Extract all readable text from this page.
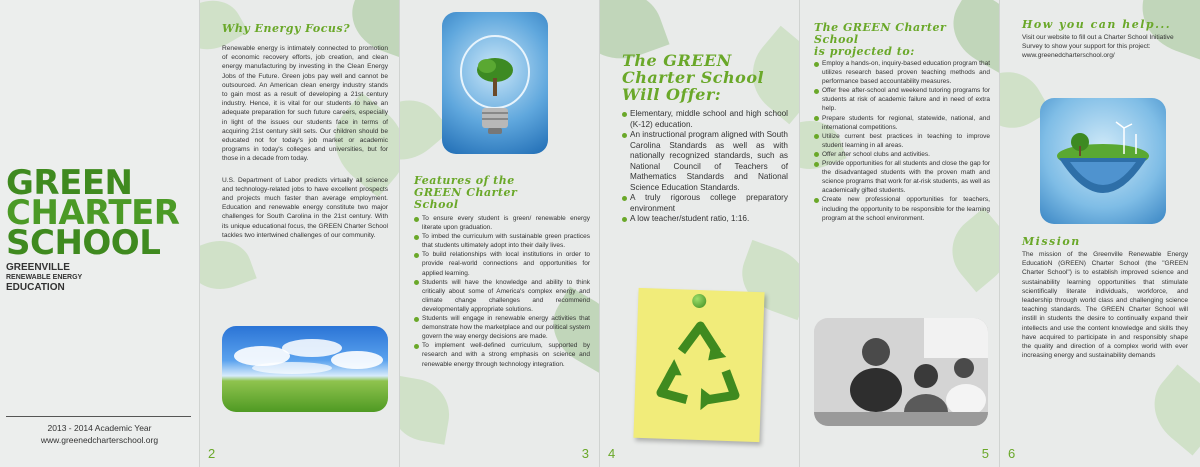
GREEN
CHARTER
SCHOOL
GREENVILLE
RENEWABLE ENERGY
EDUCATION
2013 - 2014 Academic Year
www.greenedcharterschool.org
Why Energy Focus?

Renewable energy is intimately connected to promotion of economic recovery efforts, job creation, and clean energy manufacturing by investing in the Clean Energy Jobs of the Future. Green jobs pay well and cannot be outsourced. An American clean energy industry stands to gain most as a result of developing a 21st century industry. Hence, it is vital for our students to have an adequate preparation for such future careers, especially in light of the issues our students face in terms of acquiring 21st century skill sets. Our children should be educated not for today's job market or academic programs in today's colleges and universities, but for those in a decade from today.

U.S. Department of Labor predicts virtually all science and technology-related jobs to have excellent prospects and projects much faster than average employment. Education and renewable energy constitute two major challenges for South Carolina in the 21st century. With its unique educational focus, the GREEN Charter School tackles two intertwined challenges of our community.

2
Features of the GREEN Charter School
To ensure every student is green/ renewable energy literate upon graduation.
To imbed the curriculum with sustainable green practices that students ultimately adopt into their daily lives.
To build relationships with local institutions in order to provide real-world connections and opportunities for applied learning.
Students will have the knowledge and ability to think critically about some of America's complex energy and climate change challenges and recommend developmentally appropriate solutions.
Students will engage in renewable energy activities that demonstrate how the marketplace and our political system govern the way energy decisions are made.
To implement well-defined curriculum, supported by research and with a strong emphasis on science and renewable energy through technology integration.
3
The GREEN
Charter School
Will Offer:
Elementary, middle school and high school (K-12) education.
An instructional program aligned with South Carolina Standards as well as with nationally recognized standards, such as National Council of Teachers of Mathematics Standards and National Science Education Standards.
A truly rigorous college preparatory environment
A low teacher/student ratio, 1:16.
4
The GREEN Charter
School
is projected to:
Employ a hands-on, inquiry-based education program that utilizes research based proven teaching methods and performance based accountability measures.
Offer free after-school and weekend tutoring programs for students at risk of academic failure and in need of extra help.
Prepare students for regional, statewide, national, and international competitions.
Utilize current best practices in teaching to improve student learning in all areas.
Offer after school clubs and activities.
Provide opportunities for all students and close the gap for the disadvantaged students with the proven math and science programs that work for at-risk students, as well as academically gifted students.
Create new professional opportunities for teachers, including the opportunity to be responsible for the learning program at the school environment.
5
How you can help...

Visit our website to fill out a Charter School Initiative Survey to show your support for this project: www.greenedcharterschool.org/

Mission

The mission of the Greenville Renewable Energy EducatioN (GREEN) Charter School (the "GREEN Charter School") is to establish improved science and sustainability learning opportunities that stimulate scientifically literate individuals, workforce, and leadership through world class and challenging science teaching standards. The GREEN Charter School will instill in students the desire to continually expand their intellects and use the content knowledge and skills they have acquired to participate in and responsibly shape the quality and direction of a complex world with ever increasing energy and sustainability demands

6
